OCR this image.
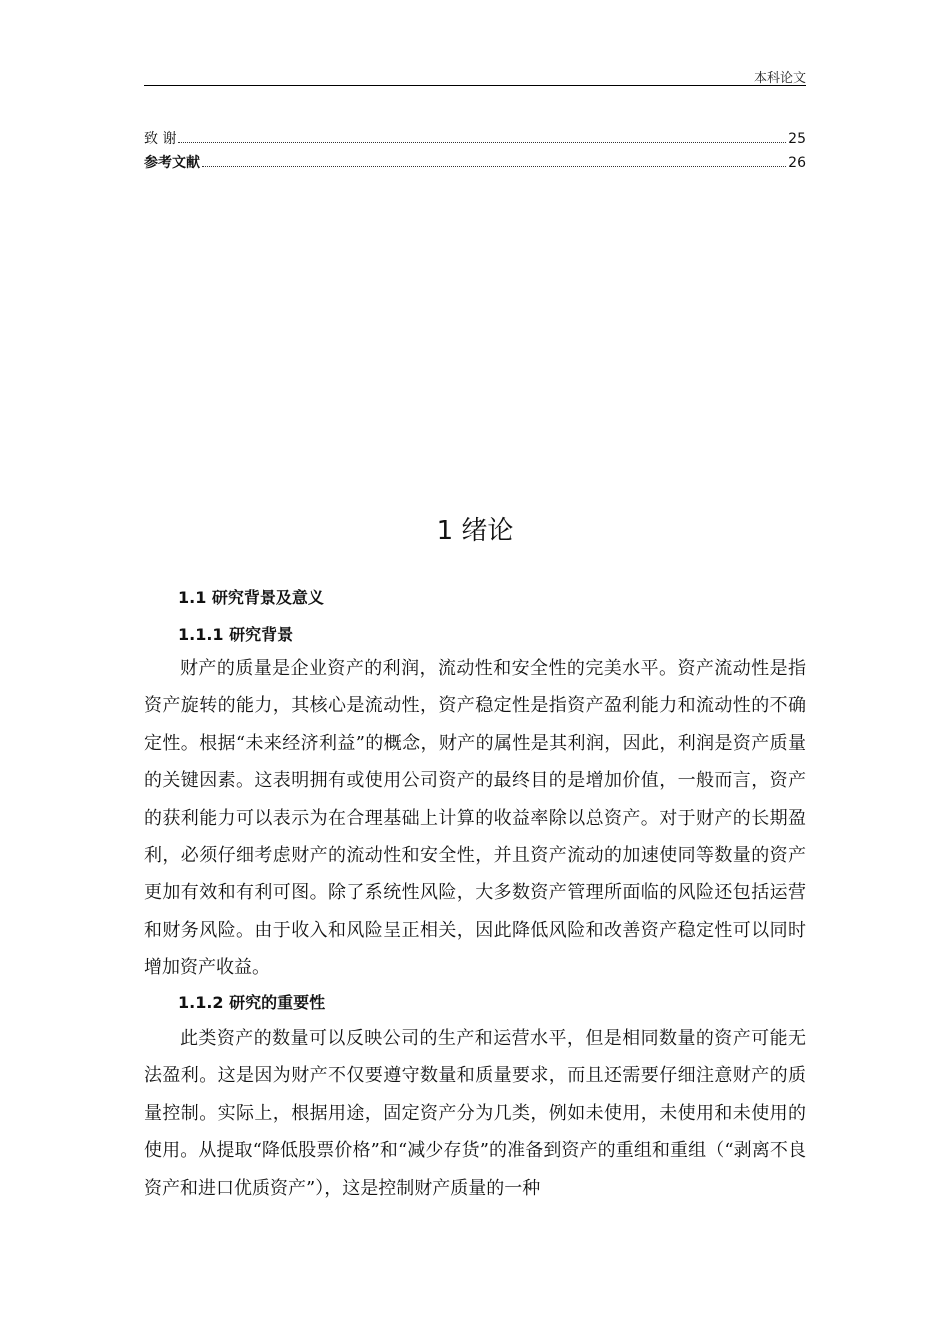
本科论文
致 谢	25
参考文献	26
1 绪论
1.1 研究背景及意义
1.1.1 研究背景

财产的质量是企业资产的利润，流动性和安全性的完美水平。资产流动性是指资产旋转的能力，其核心是流动性，资产稳定性是指资产盈利能力和流动性的不确定性。根据“未来经济利益”的概念，财产的属性是其利润，因此，利润是资产质量的关键因素。这表明拥有或使用公司资产的最终目的是增加价值，一般而言，资产的获利能力可以表示为在合理基础上计算的收益率除以总资产。对于财产的长期盈利，必须仔细考虑财产的流动性和安全性，并且资产流动的加速使同等数量的资产更加有效和有利可图。除了系统性风险，大多数资产管理所面临的风险还包括运营和财务风险。由于收入和风险呈正相关，因此降低风险和改善资产稳定性可以同时增加资产收益。

1.1.2 研究的重要性

此类资产的数量可以反映公司的生产和运营水平，但是相同数量的资产可能无法盈利。这是因为财产不仅要遵守数量和质量要求，而且还需要仔细注意财产的质量控制。实际上，根据用途，固定资产分为几类，例如未使用，未使用和未使用的使用。从提取“降低股票价格”和“减少存货”的准备到资产的重组和重组（“剥离不良资产和进口优质资产”），这是控制财产质量的一种
